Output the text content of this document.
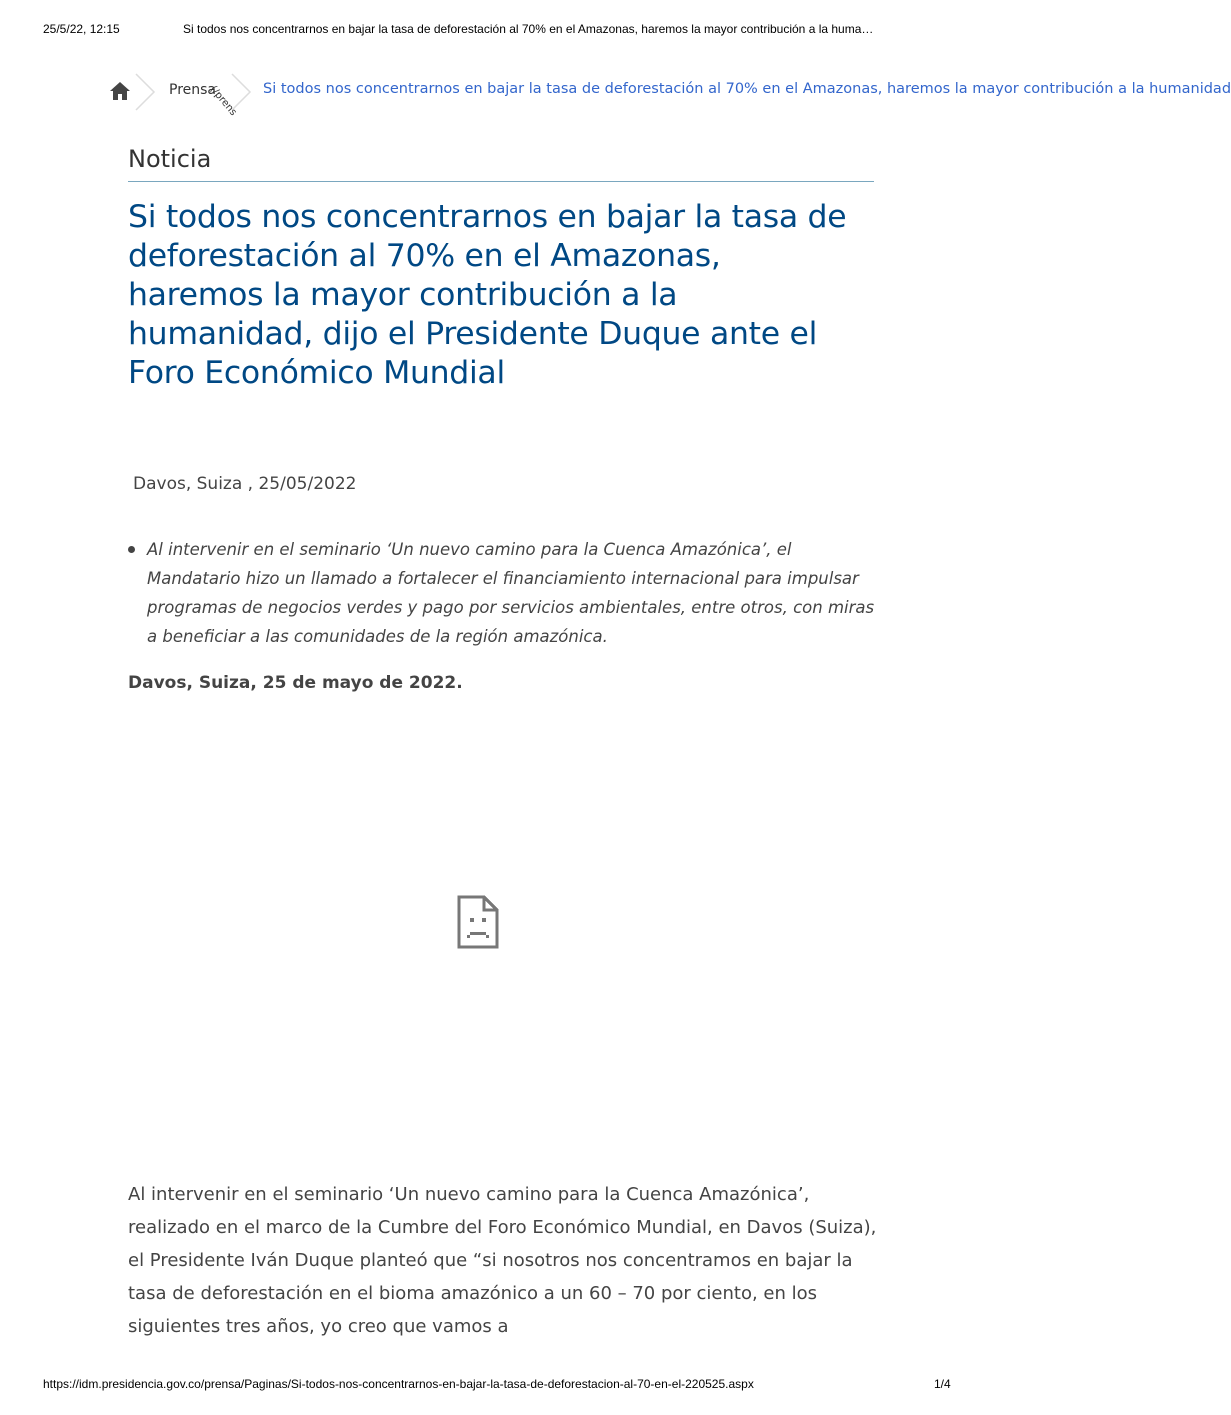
25/5/22, 12:15	Si todos nos concentrarnos en bajar la tasa de deforestación al 70% en el Amazonas, haremos la mayor contribución a la huma…
Prensa
(/prens Si todos nos concentrarnos en bajar la tasa de deforestación al 70% en el Amazonas, haremos la mayor contribución a la humanidad
Noticia
Si todos nos concentrarnos en bajar la tasa de deforestación al 70% en el Amazonas, haremos la mayor contribución a la humanidad, dijo el Presidente Duque ante el Foro Económico Mundial
Davos, Suiza , 25/05/2022
Al intervenir en el seminario ‘Un nuevo camino para la Cuenca Amazónica’, el Mandatario hizo un llamado a fortalecer el financiamiento internacional para impulsar programas de negocios verdes y pago por servicios ambientales, entre otros, con miras a beneficiar a las comunidades de la región amazónica.
Davos, Suiza, 25 de mayo de 2022.

Al intervenir en el seminario ‘Un nuevo camino para la Cuenca Amazónica’, realizado en el marco de la Cumbre del Foro Económico Mundial, en Davos (Suiza), el Presidente Iván Duque planteó que “si nosotros nos concentramos en bajar la tasa de deforestación en el bioma amazónico a un 60 – 70 por ciento, en los siguientes tres años, yo creo que vamos a

https://idm.presidencia.gov.co/prensa/Paginas/Si-todos-nos-concentrarnos-en-bajar-la-tasa-de-deforestacion-al-70-en-el-220525.aspx	1/4
